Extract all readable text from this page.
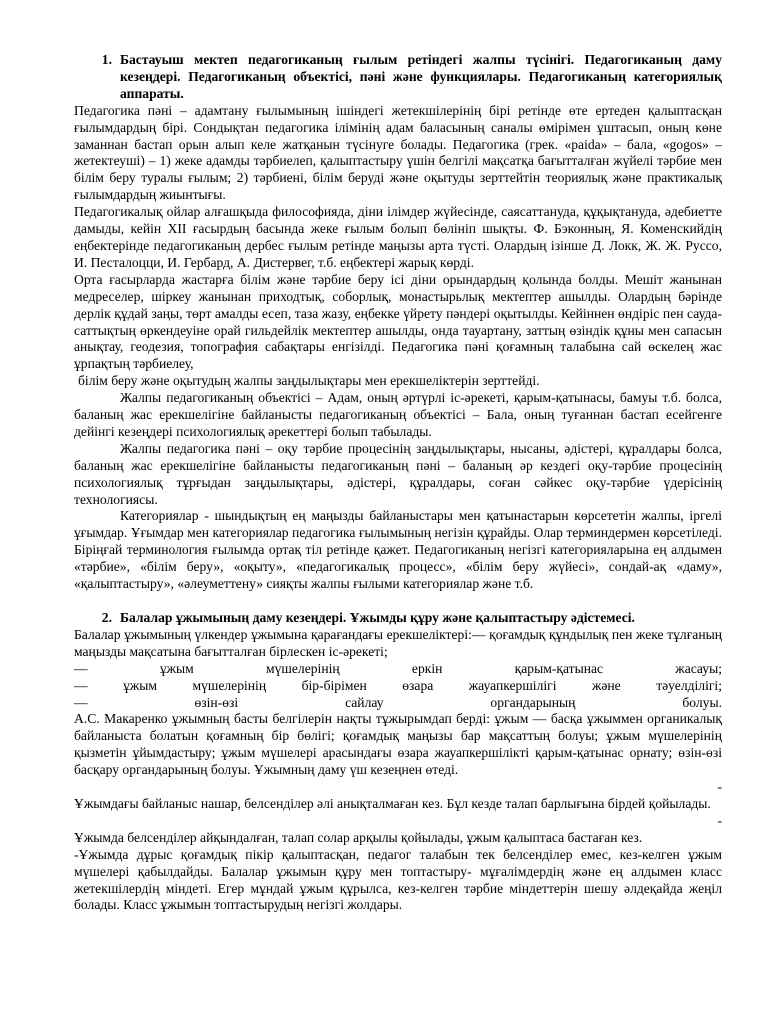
1. Бастауыш мектеп педагогиканың ғылым ретіндегі жалпы түсінігі. Педагогиканың даму кезеңдері. Педагогиканың объектісі, пәні және функциялары. Педагогиканың категориялық аппараты.

Педагогика пәні – адамтану ғылымының ішіндегі жетекшілерінің бірі ретінде өте ертеден қалыптасқан ғылымдардың бірі. Сондықтан педагогика ілімінің адам баласының саналы өмірімен ұштасып, оның көне заманнан бастап орын алып келе жатқанын түсінуге болады. Педагогика (грек. «paida» – бала, «gogos» – жетектеуші) – 1) жеке адамды тәрбиелеп, қалыптастыру үшін белгілі мақсатқа бағытталған жүйелі тәрбие мен білім беру туралы ғылым; 2) тәрбиені, білім беруді және оқытуды зерттейтін теориялық және практикалық ғылымдардың жиынтығы.

Педагогикалық ойлар алғашқыда философияда, діни ілімдер жүйесінде, саясаттануда, құқықтануда, әдебиетте дамыды, кейін ХІІ ғасырдың басында жеке ғылым болып бөлініп шықты. Ф. Бэконның, Я. Коменскийдің еңбектерінде педагогиканың дербес ғылым ретінде маңызы арта түсті. Олардың ізінше Д. Локк, Ж. Ж. Руссо, И. Песталоцци, И. Гербард, А. Дистервег, т.б. еңбектері жарық көрді.

Орта ғасырларда жастарға білім және тәрбие беру ісі діни орындардың қолында болды. Мешіт жанынан медреселер, шіркеу жанынан приходтық, соборлық, монастырьлық мектептер ашылды. Олардың бәрінде дерлік құдай заңы, төрт амалды есеп, таза жазу, еңбекке үйрету пәндері оқытылды. Кейіннен өндіріс пен сауда-саттықтың өркендеуіне орай гильдейлік мектептер ашылды, онда тауартану, заттың өзіндік құны мен сапасын анықтау, геодезия, топография сабақтары енгізілді. Педагогика пәні қоғамның талабына сай өскелең жас ұрпақтың тәрбиелеу,

білім беру және оқытудың жалпы заңдылықтары мен ерекшеліктерін зерттейді.

Жалпы педагогиканың объектісі – Адам, оның әртүрлі іс-әрекеті, қарым-қатынасы, бамуы т.б. болса, баланың жас ерекшелігіне байланысты педагогиканың объектісі – Бала, оның туғаннан бастап есейгенге дейінгі кезеңдері психологиялық әрекеттері болып табылады.

Жалпы педагогика пәні – оқу тәрбие процесінің заңдылықтары, нысаны, әдістері, құралдары болса, баланың жас ерекшелігіне байланысты педагогиканың пәні – баланың әр кездегі оқу-тәрбие процесінің психологиялық тұрғыдан заңдылықтары, әдістері, құралдары, соған сәйкес оқу-тәрбие үдерісінің технологиясы.

Категориялар - шындықтың ең маңызды байланыстары мен қатынастарын көрсететін жалпы, іргелі ұғымдар. Ұғымдар мен категориялар педагогика ғылымының негізін құрайды. Олар терминдермен көрсетіледі. Біріңғай терминология ғылымда ортақ тіл ретінде қажет. Педагогиканың негізгі категорияларына ең алдымен «тәрбие», «білім беру», «оқыту», «педагогикалық процесс», «білім беру жүйесі», сондай-ақ «даму», «қалыптастыру», «әлеуметтену» сияқты жалпы ғылыми категориялар және т.б.

2. Балалар ұжымының даму кезеңдері. Ұжымды құру және қалыптастыру әдістемесі.

Балалар ұжымының үлкендер ұжымына қарағандағы ерекшеліктері:— қоғамдық құндылық пен жеке тұлғаның маңызды мақсатына бағытталған бірлескен іс-әрекеті;

— ұжым мүшелерінің еркін қарым-қатынас жасауы;

— ұжым мүшелерінің бір-бірімен өзара жауапкершілігі және тәуелділігі;

— өзін-өзі сайлау органдарының болуы.

А.С. Макаренко ұжымның басты белгілерін нақты тұжырымдап берді: ұжым — басқа ұжыммен органикалық байланыста болатын қоғамның бір бөлігі; қоғамдық маңызы бар мақсаттың болуы; ұжым мүшелерінің қызметін ұйымдастыру; ұжым мүшелері арасындағы өзара жауапкершілікті қарым-қатынас орнату; өзін-өзі басқару органдарының болуы. Ұжымның даму үш кезеңнен өтеді.

-

Ұжымдағы байланыс нашар, белсенділер әлі анықталмаған кез. Бұл кезде талап барлығына бірдей қойылады.

-

Ұжымда белсенділер айқындалған, талап солар арқылы қойылады, ұжым қалыптаса бастаған кез.

-Ұжымда дұрыс қоғамдық пікір қалыптасқан, педагог талабын тек белсенділер емес, кез-келген ұжым мүшелері қабылдайды. Балалар ұжымын құру мен топтастыру- мұғалімдердің және ең алдымен класс жетекшілердің міндеті. Егер мұндай ұжым құрылса, кез-келген тәрбие міндеттерін шешу әлдеқайда жеңіл болады. Класс ұжымын топтастырудың негізгі жолдары.
